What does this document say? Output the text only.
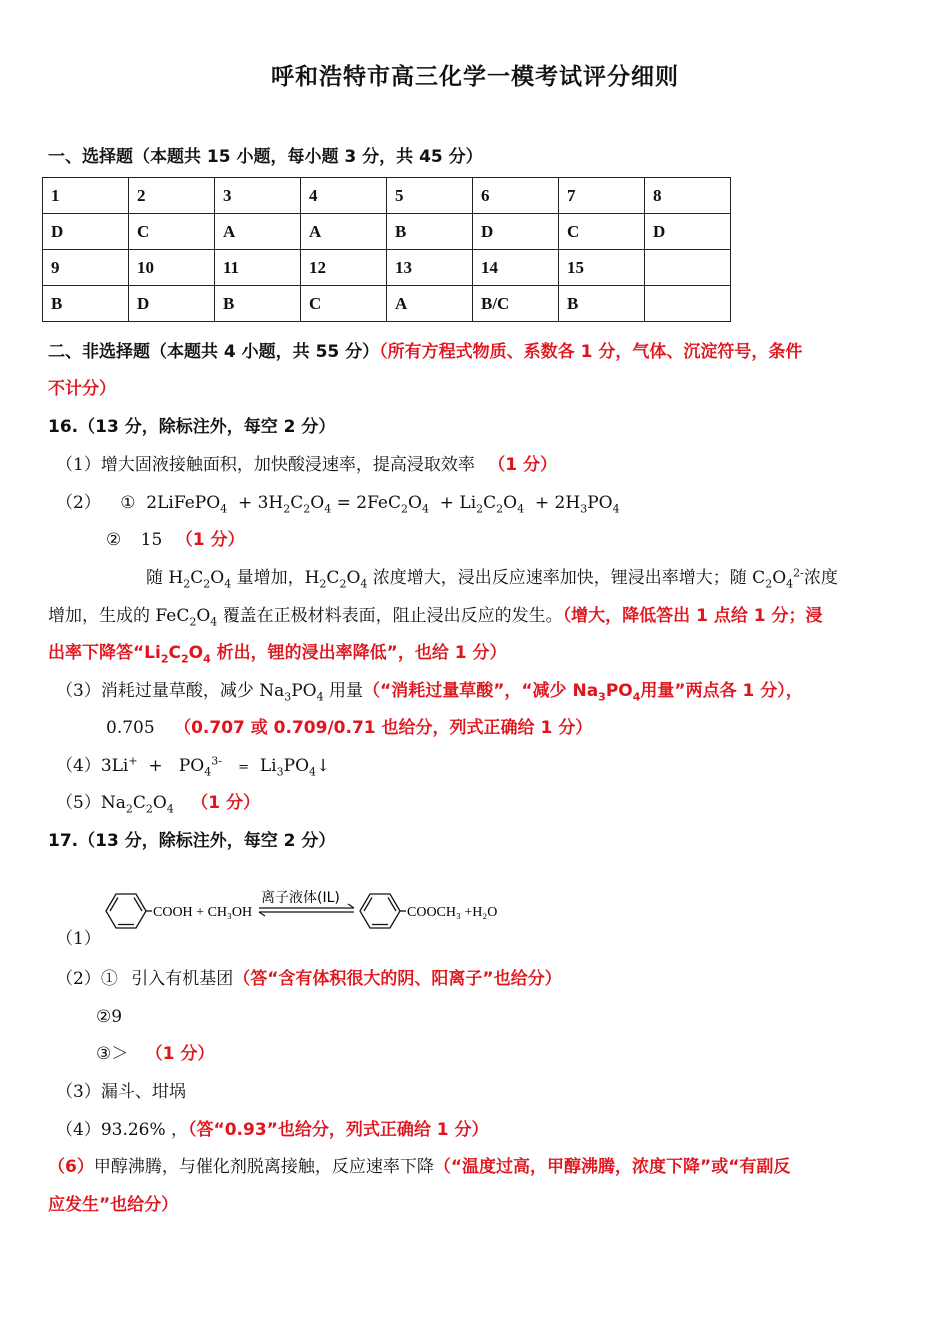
呼和浩特市高三化学一模考试评分细则
一、选择题（本题共 15 小题，每小题 3 分，共 45 分）
1	2	3	4	5	6	7	8
D	C	A	A	B	D	C	D
9	10	11	12	13	14	15	
B	D	B	C	A	B/C	B	
二、非选择题（本题共 4 小题，共 55 分）（所有方程式物质、系数各 1 分，气体、沉淀符号，条件
不计分）
16.（13 分，除标注外，每空 2 分）
（1）增大固液接触面积，加快酸浸速率，提高浸取效率 （1 分）
（2） ①  2LiFePO$_4$  + $3H_2C_2O_4 = 2FeC_2O_4 + Li_2C_2O_4 + 2H_3PO_4$
② 15 （1 分）
随 $H_2C_2O_4$ 量增加，$H_2C_2O_4$ 浓度增大，浸出反应速率加快，锂浸出率增大；随 $C_2O_4^{2-}$浓度
增加，生成的 $FeC_2O_4$ 覆盖在正极材料表面，阻止浸出反应的发生。（增大，降低答出 1 点给 1 分；浸
出率下降答“$Li_2C_2O_4$ 析出，锂的浸出率降低”，也给 1 分）
（3）消耗过量草酸，减少 $Na_3PO_4$ 用量（“消耗过量草酸”，“减少 $Na_3PO_4$用量”两点各 1 分），
0.705 （0.707 或 0.709/0.71 也给分，列式正确给 1 分）
$(4)3Li^+ + PO_4^{3-}$ =  $Li_3PO_4↓$
$(5)Na_2C_2O_4$ （1 分）
17.（13 分，除标注外，每空 2 分）
COOH + CH₃OH
离子液体(IL)
COOCH₃ +H₂O
（1）
（2）① 引入有机基团（答“含有体积很大的阴、阳离子”也给分）
②9
③＞ （1 分）
（3）漏斗、坩埚
（4）93.26% ，（答“0.93”也给分，列式正确给 1 分）
（6）甲醇沸腾，与催化剂脱离接触，反应速率下降（“温度过高，甲醇沸腾，浓度下降”或“有副反
应发生”也给分）
